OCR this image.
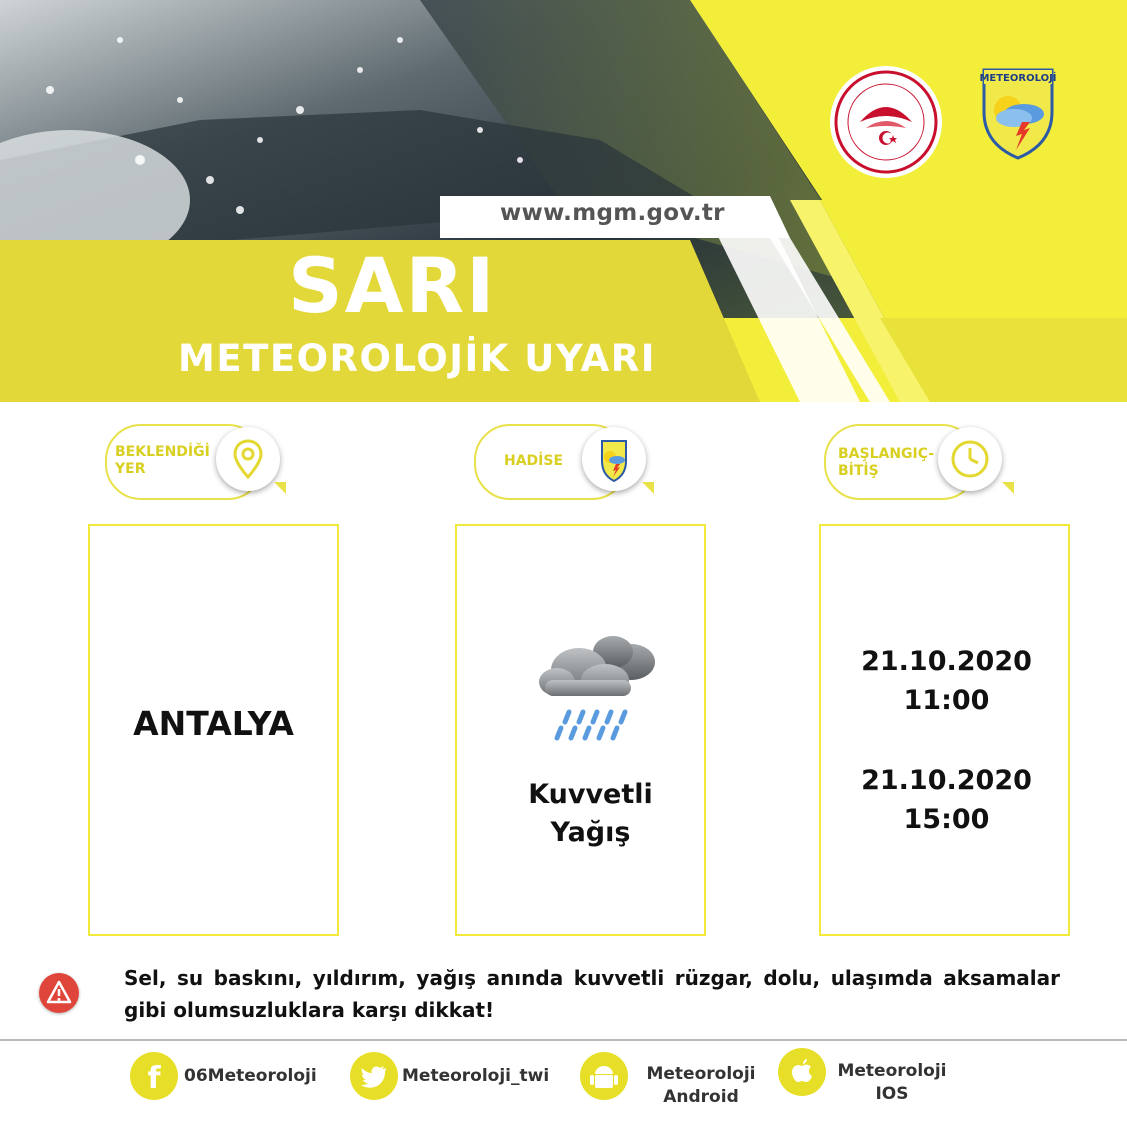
www.mgm.gov.tr
SARI
METEOROLOJİK UYARI
METEOROLOJİ
BEKLENDİĞİ
YER	HADİSE	BAŞLANGIÇ-
BİTİŞ
ANTALYA
Kuvvetli
Yağış
21.10.2020
11:00
21.10.2020
15:00
Sel, su baskını, yıldırım, yağış anında kuvvetli rüzgar, dolu, ulaşımda aksamalar gibi olumsuzluklara karşı dikkat!
f 06Meteoroloji	Meteoroloji_twi	Meteoroloji
Android
Meteoroloji
IOS
